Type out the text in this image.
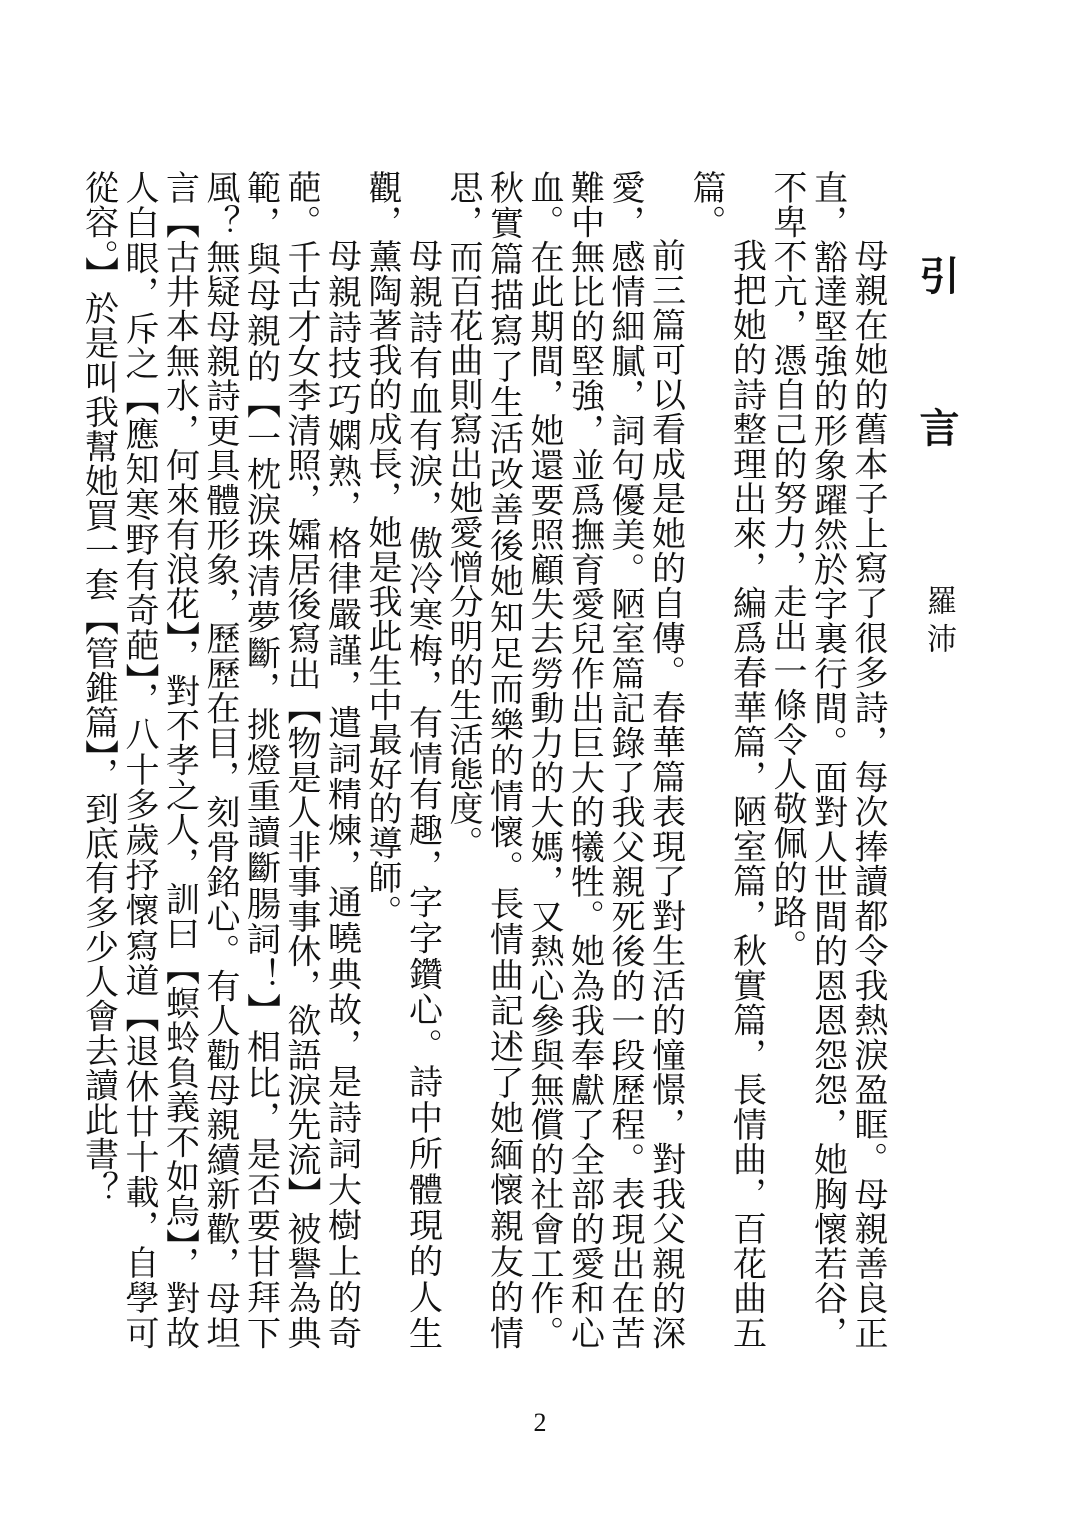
引　言
羅沛

母親在她的舊本子上寫了很多詩，每次捧讀都令我熱淚盈眶。母親善良正直，豁達堅強的形象躍然於字裏行間。面對人世間的恩恩怨怨，她胸懷若谷，不卑不亢，憑自己的努力，走出一條令人敬佩的路。

我把她的詩整理出來，編爲春華篇，陋室篇，秋實篇，長情曲，百花曲五篇。

前三篇可以看成是她的自傳。春華篇表現了對生活的憧憬，對我父親的深愛，感情細膩，詞句優美。陋室篇記錄了我父親死後的一段歷程。表現出在苦難中無比的堅強，並爲撫育愛兒作出巨大的犧牲。她為我奉獻了全部的愛和心血。在此期間，她還要照顧失去勞動力的大媽，又熱心參與無償的社會工作。秋實篇描寫了生活改善後她知足而樂的情懷。長情曲記述了她緬懷親友的情思，而百花曲則寫出她愛憎分明的生活態度。

母親詩有血有淚，傲冷寒梅，有情有趣，字字鑽心。詩中所體現的人生觀，薰陶著我的成長，她是我此生中最好的導師。

母親詩技巧嫻熟，格律嚴謹，遣詞精煉，通曉典故，是詩詞大樹上的奇葩。千古才女李清照，孀居後寫出【物是人非事事休，欲語淚先流】被譽為典範，與母親的【一枕淚珠清夢斷，挑燈重讀斷腸詞！】相比，是否要甘拜下風？無疑母親詩更具體形象，歷歷在目，刻骨銘心。有人勸母親續新歡，母坦言【古井本無水，何來有浪花】，對不孝之人，訓曰【螟蛉負義不如烏】，對故人白眼，斥之【應知寒野有奇葩】，八十多歲抒懷寫道【退休廿十載，自學可從容。】於是叫我幫她買一套【管錐篇】，到底有多少人會去讀此書？

2
